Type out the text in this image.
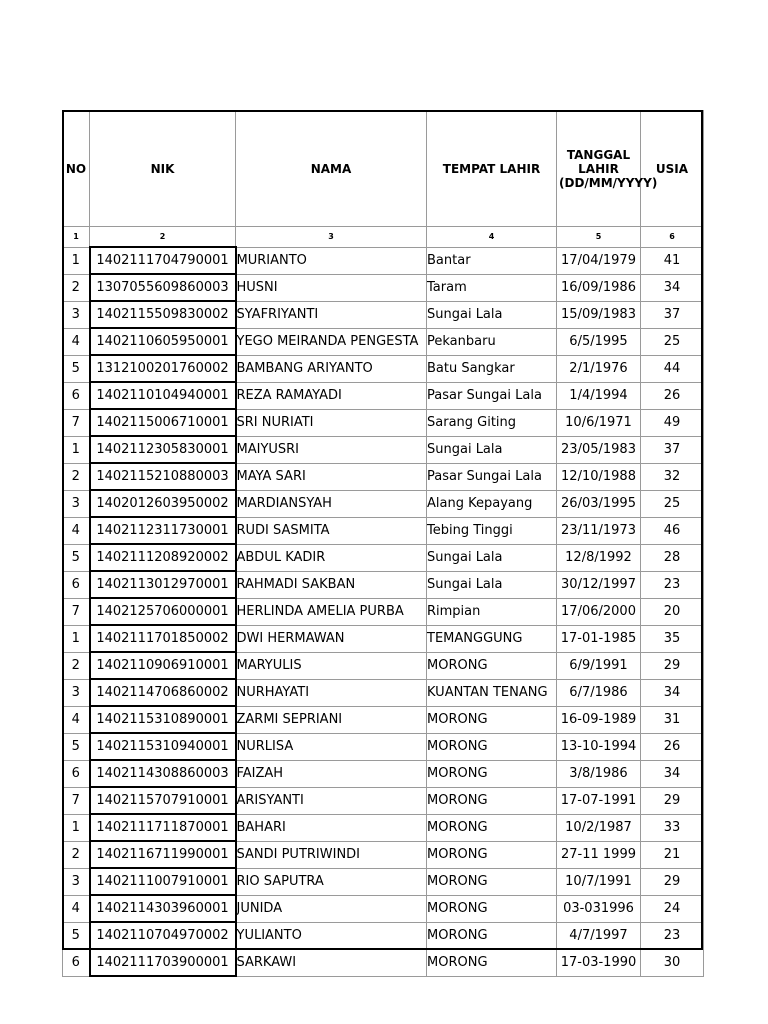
NO	NIK	NAMA	TEMPAT LAHIR	TANGGAL LAHIR (DD/MM/YYYY)	USIA
1	2	3	4	5	6
1	1402111704790001	MURIANTO	Bantar	17/04/1979	41
2	1307055609860003	HUSNI	Taram	16/09/1986	34
3	1402115509830002	SYAFRIYANTI	Sungai Lala	15/09/1983	37
4	1402110605950001	YEGO MEIRANDA PENGESTA	Pekanbaru	6/5/1995	25
5	1312100201760002	BAMBANG ARIYANTO	Batu Sangkar	2/1/1976	44
6	1402110104940001	REZA RAMAYADI	Pasar Sungai Lala	1/4/1994	26
7	1402115006710001	SRI NURIATI	Sarang Giting	10/6/1971	49
1	1402112305830001	MAIYUSRI	Sungai Lala	23/05/1983	37
2	1402115210880003	MAYA SARI	Pasar Sungai Lala	12/10/1988	32
3	1402012603950002	MARDIANSYAH	Alang Kepayang	26/03/1995	25
4	1402112311730001	RUDI SASMITA	Tebing Tinggi	23/11/1973	46
5	1402111208920002	ABDUL KADIR	Sungai Lala	12/8/1992	28
6	1402113012970001	RAHMADI SAKBAN	Sungai Lala	30/12/1997	23
7	1402125706000001	HERLINDA AMELIA PURBA	Rimpian	17/06/2000	20
1	1402111701850002	DWI HERMAWAN	TEMANGGUNG	17-01-1985	35
2	1402110906910001	MARYULIS	MORONG	6/9/1991	29
3	1402114706860002	NURHAYATI	KUANTAN TENANG	6/7/1986	34
4	1402115310890001	ZARMI SEPRIANI	MORONG	16-09-1989	31
5	1402115310940001	NURLISA	MORONG	13-10-1994	26
6	1402114308860003	FAIZAH	MORONG	3/8/1986	34
7	1402115707910001	ARISYANTI	MORONG	17-07-1991	29
1	1402111711870001	BAHARI	MORONG	10/2/1987	33
2	1402116711990001	SANDI PUTRIWINDI	MORONG	27-11 1999	21
3	1402111007910001	RIO SAPUTRA	MORONG	10/7/1991	29
4	1402114303960001	JUNIDA	MORONG	03-031996	24
5	1402110704970002	YULIANTO	MORONG	4/7/1997	23
6	1402111703900001	SARKAWI	MORONG	17-03-1990	30
